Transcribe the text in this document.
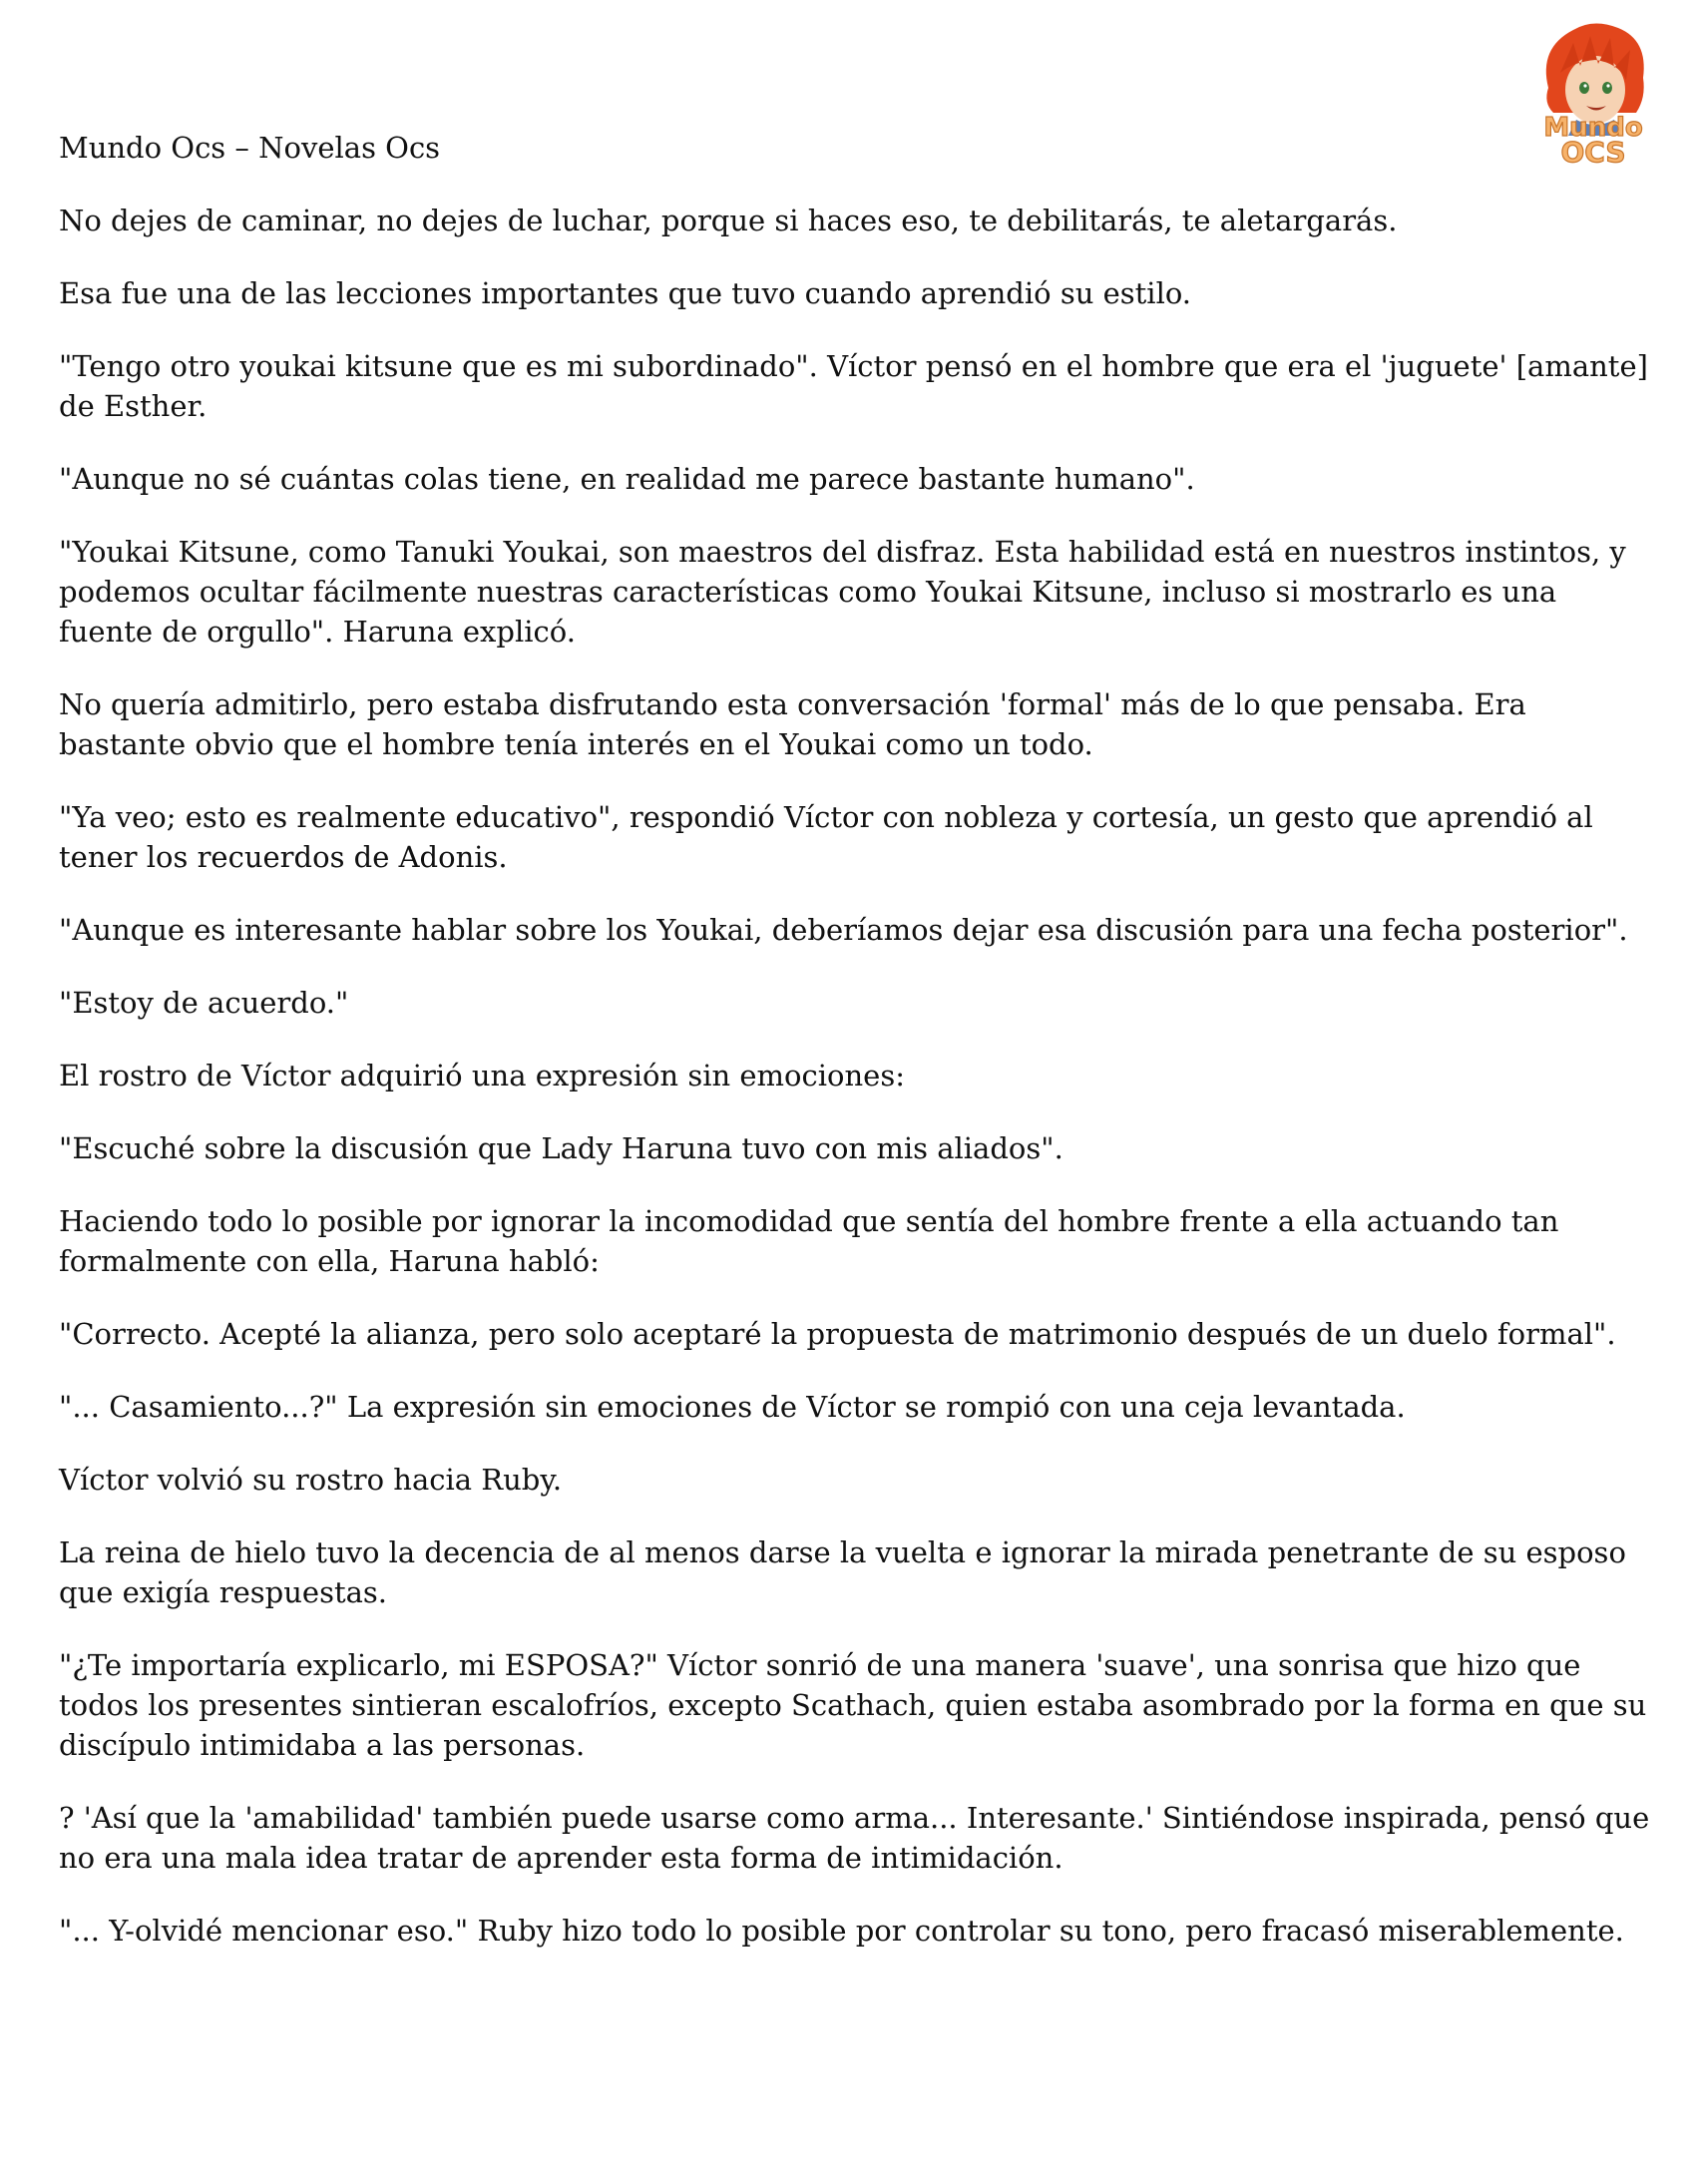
Mundo
OCS

Mundo Ocs – Novelas Ocs

No dejes de caminar, no dejes de luchar, porque si haces eso, te debilitarás, te aletargarás.

Esa fue una de las lecciones importantes que tuvo cuando aprendió su estilo.

"Tengo otro youkai kitsune que es mi subordinado". Víctor pensó en el hombre que era el 'juguete' [amante] de Esther.

"Aunque no sé cuántas colas tiene, en realidad me parece bastante humano".

"Youkai Kitsune, como Tanuki Youkai, son maestros del disfraz. Esta habilidad está en nuestros instintos, y podemos ocultar fácilmente nuestras características como Youkai Kitsune, incluso si mostrarlo es una fuente de orgullo". Haruna explicó.

No quería admitirlo, pero estaba disfrutando esta conversación 'formal' más de lo que pensaba. Era bastante obvio que el hombre tenía interés en el Youkai como un todo.

"Ya veo; esto es realmente educativo", respondió Víctor con nobleza y cortesía, un gesto que aprendió al tener los recuerdos de Adonis.

"Aunque es interesante hablar sobre los Youkai, deberíamos dejar esa discusión para una fecha posterior".

"Estoy de acuerdo."

El rostro de Víctor adquirió una expresión sin emociones:

"Escuché sobre la discusión que Lady Haruna tuvo con mis aliados".

Haciendo todo lo posible por ignorar la incomodidad que sentía del hombre frente a ella actuando tan formalmente con ella, Haruna habló:

"Correcto. Acepté la alianza, pero solo aceptaré la propuesta de matrimonio después de un duelo formal".

"... Casamiento...?" La expresión sin emociones de Víctor se rompió con una ceja levantada.

Víctor volvió su rostro hacia Ruby.

La reina de hielo tuvo la decencia de al menos darse la vuelta e ignorar la mirada penetrante de su esposo que exigía respuestas.

"¿Te importaría explicarlo, mi ESPOSA?" Víctor sonrió de una manera 'suave', una sonrisa que hizo que todos los presentes sintieran escalofríos, excepto Scathach, quien estaba asombrado por la forma en que su discípulo intimidaba a las personas.

? 'Así que la 'amabilidad' también puede usarse como arma... Interesante.' Sintiéndose inspirada, pensó que no era una mala idea tratar de aprender esta forma de intimidación.

"... Y-olvidé mencionar eso." Ruby hizo todo lo posible por controlar su tono, pero fracasó miserablemente.
